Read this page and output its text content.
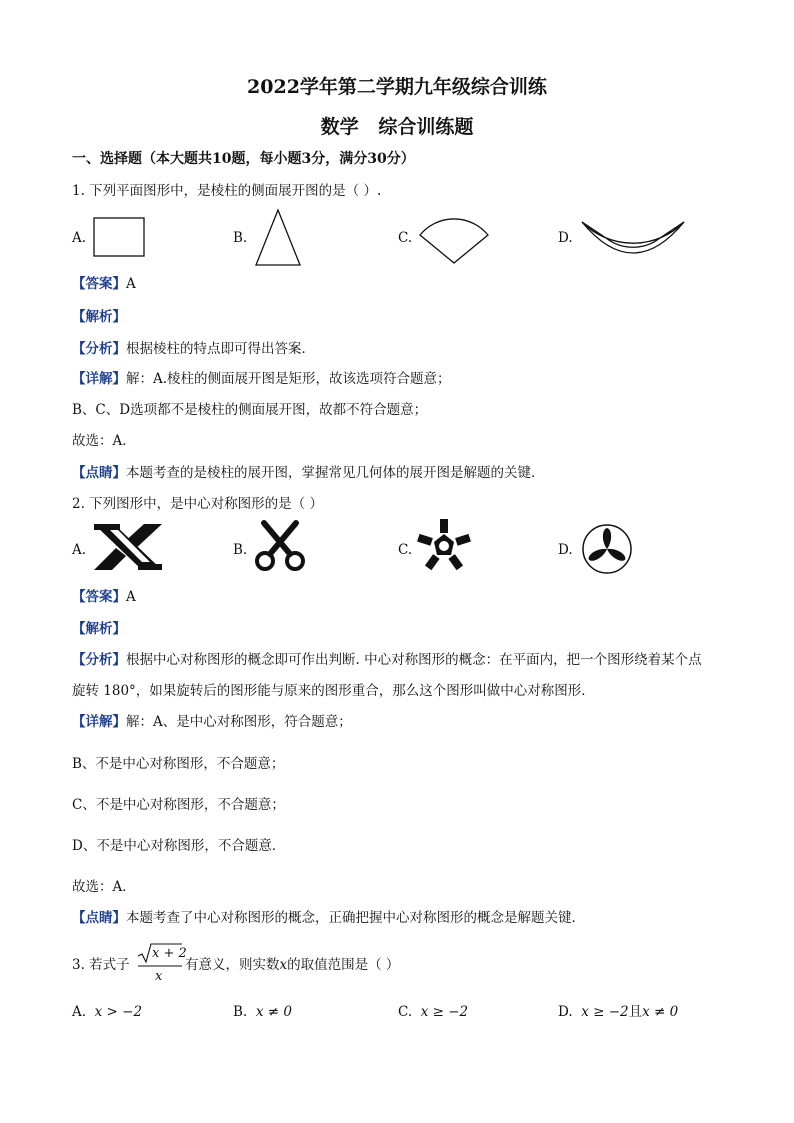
2022学年第二学期九年级综合训练
数学   综合训练题
一、选择题（本大题共10题，每小题3分，满分30分）
1. 下列平面图形中，是棱柱的侧面展开图的是（ ）.
A.	B.	C.	D.
【答案】A
【解析】
【分析】根据棱柱的特点即可得出答案．
【详解】解：A.棱柱的侧面展开图是矩形，故该选项符合题意；
B、C、D选项都不是棱柱的侧面展开图，故都不符合题意；
故选：A．
【点睛】本题考查的是棱柱的展开图，掌握常见几何体的展开图是解题的关键．
2. 下列图形中，是中心对称图形的是（ ）
A.	B.	C.	D.
【答案】A
【解析】
【分析】根据中心对称图形的概念即可作出判断. 中心对称图形的概念：在平面内，把一个图形绕着某个点
旋转 180°，如果旋转后的图形能与原来的图形重合，那么这个图形叫做中心对称图形．
【详解】解：A、是中心对称图形，符合题意；
B、不是中心对称图形，不合题意；
C、不是中心对称图形，不合题意；
D、不是中心对称图形，不合题意．
故选：A．
【点睛】本题考查了中心对称图形的概念，正确把握中心对称图形的概念是解题关键．
3. 若式子
x + 2
x
有意义，则实数x的取值范围是（ ）
A. x > −2	B. x ≠ 0	C. x ≥ −2	D. x ≥ −2且x ≠ 0
